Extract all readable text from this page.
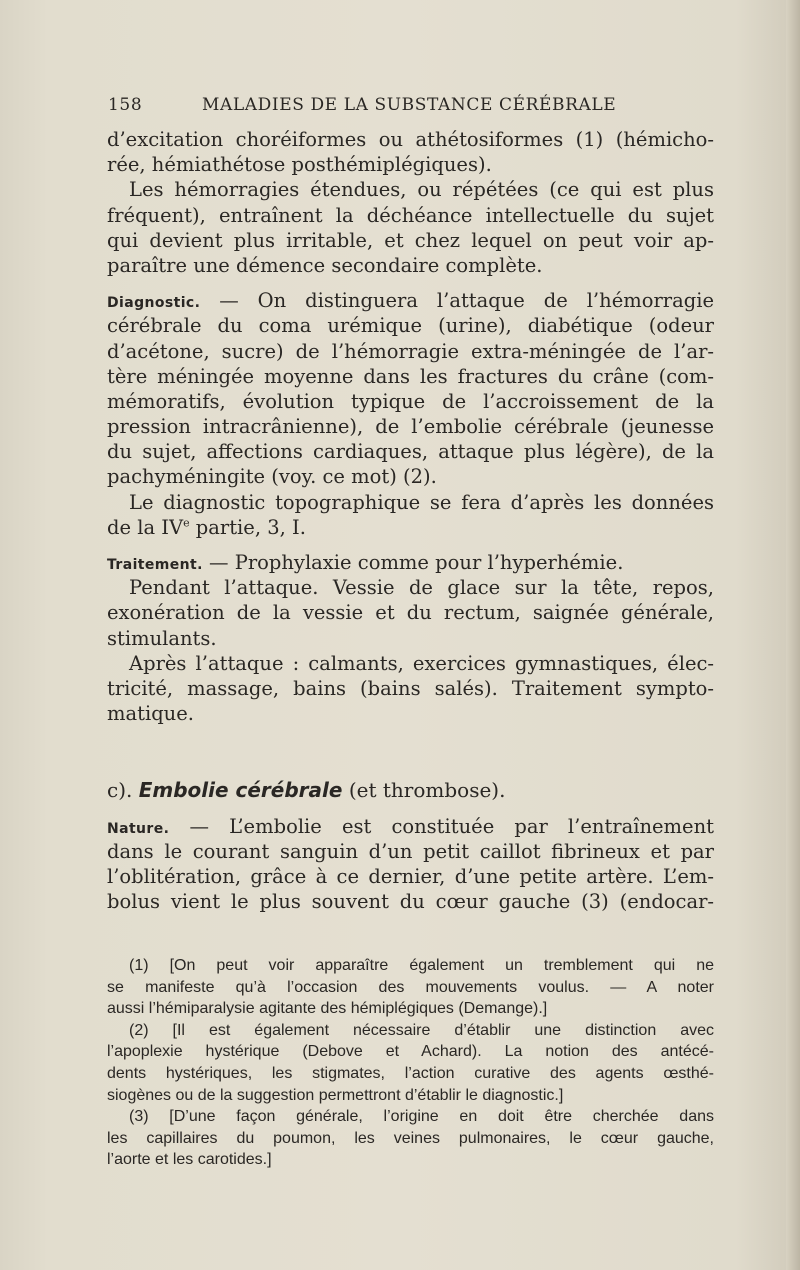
158	MALADIES DE LA SUBSTANCE CÉRÉBRALE
d’excitation choréiformes ou athétosiformes (1) (hémicho-
rée, hémiathétose posthémiplégiques).
Les hémorragies étendues, ou répétées (ce qui est plus
fréquent), entraînent la déchéance intellectuelle du sujet
qui devient plus irritable, et chez lequel on peut voir ap-
paraître une démence secondaire complète.
Diagnostic. — On distinguera l’attaque de l’hémorragie
cérébrale du coma urémique (urine), diabétique (odeur
d’acétone, sucre) de l’hémorragie extra-méningée de l’ar-
tère méningée moyenne dans les fractures du crâne (com-
mémoratifs, évolution typique de l’accroissement de la
pression intracrânienne), de l’embolie cérébrale (jeunesse
du sujet, affections cardiaques, attaque plus légère), de la
pachyméningite (voy. ce mot) (2).
Le diagnostic topographique se fera d’après les données
de la IVe partie, 3, I.
Traitement. — Prophylaxie comme pour l’hyperhémie.
Pendant l’attaque. Vessie de glace sur la tête, repos,
exonération de la vessie et du rectum, saignée générale,
stimulants.
Après l’attaque : calmants, exercices gymnastiques, élec-
tricité, massage, bains (bains salés). Traitement sympto-
matique.
c). Embolie cérébrale (et thrombose).
Nature. — L’embolie est constituée par l’entraînement
dans le courant sanguin d’un petit caillot fibrineux et par
l’oblitération, grâce à ce dernier, d’une petite artère. L’em-
bolus vient le plus souvent du cœur gauche (3) (endocar-
(1) [On peut voir apparaître également un tremblement qui ne
se manifeste qu’à l’occasion des mouvements voulus. — A noter
aussi l’hémiparalysie agitante des hémiplégiques (Demange).]
(2) [Il est également nécessaire d’établir une distinction avec
l’apoplexie hystérique (Debove et Achard). La notion des antécé-
dents hystériques, les stigmates, l’action curative des agents œsthé-
siogènes ou de la suggestion permettront d’établir le diagnostic.]
(3) [D’une façon générale, l’origine en doit être cherchée dans
les capillaires du poumon, les veines pulmonaires, le cœur gauche,
l’aorte et les carotides.]
